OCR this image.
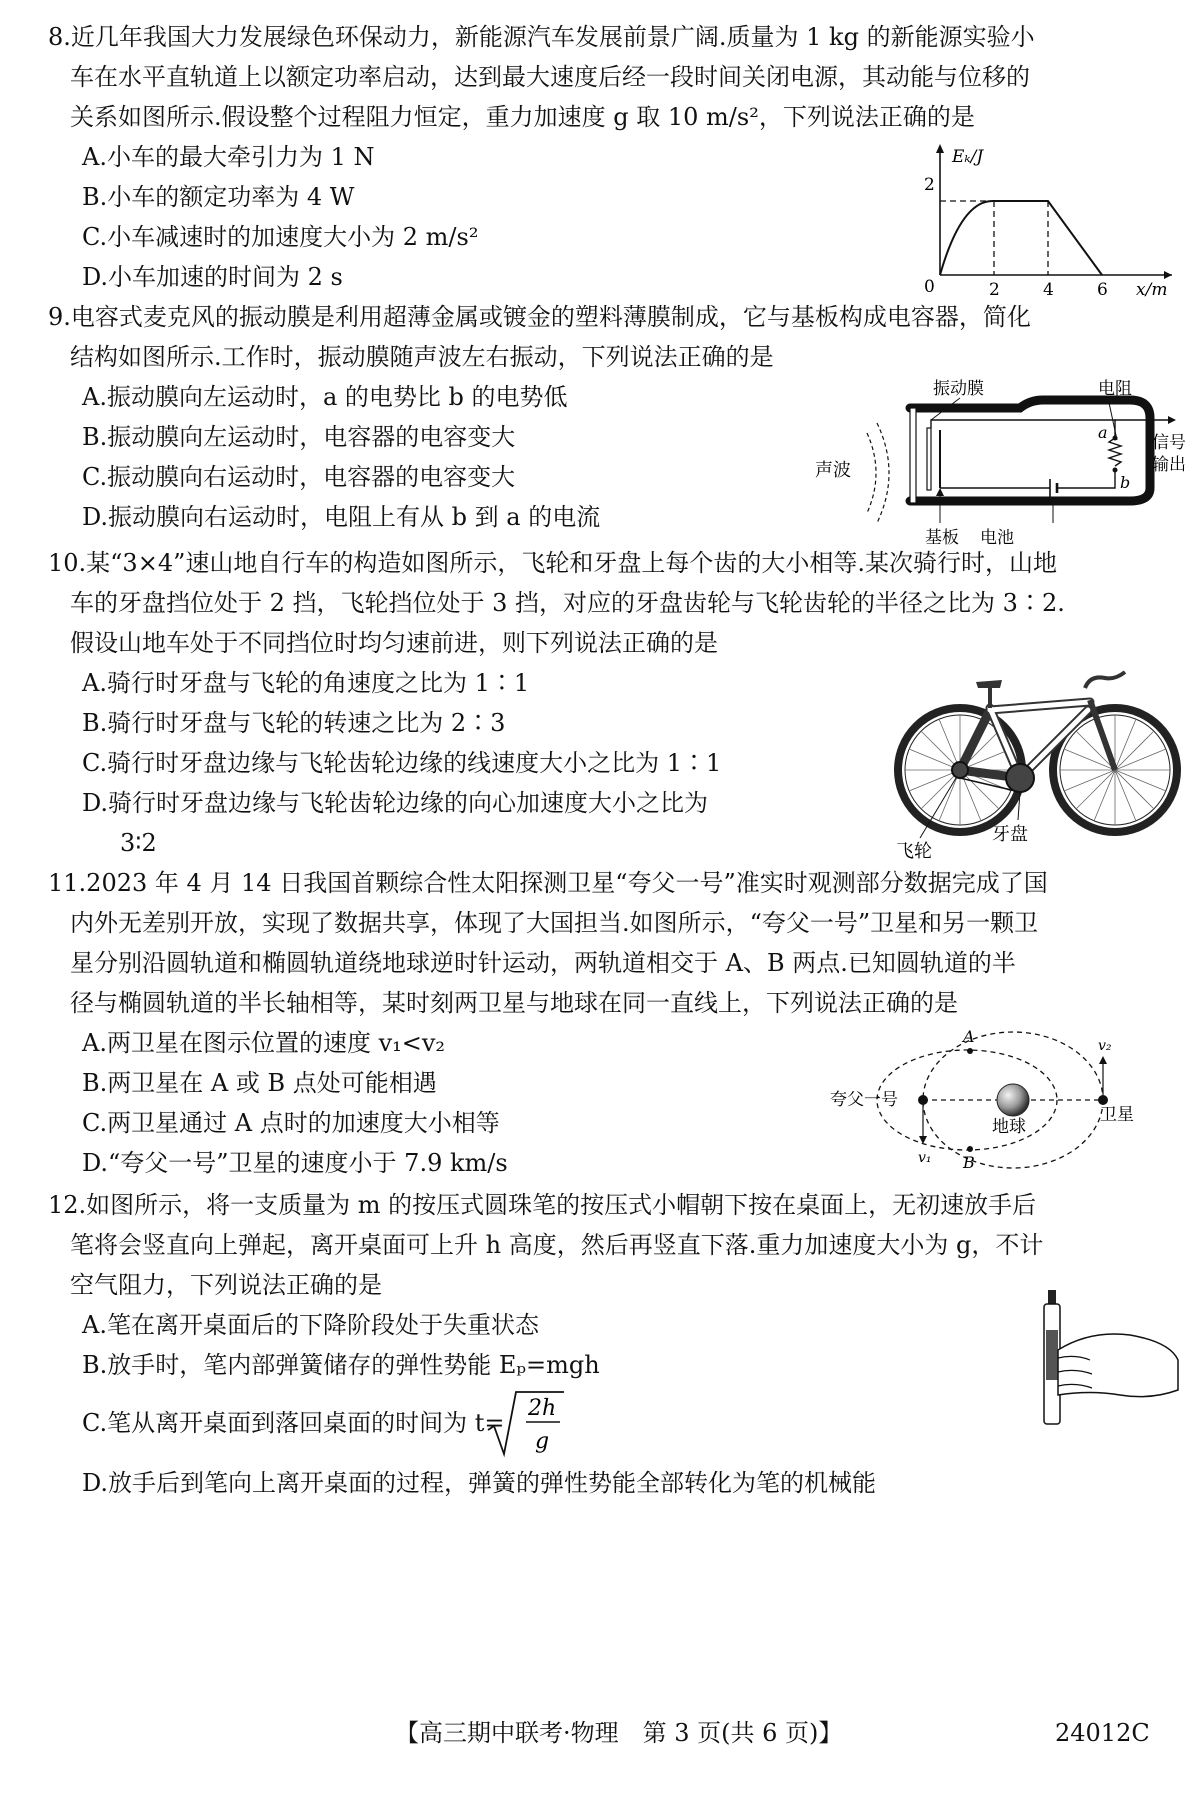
8.近几年我国大力发展绿色环保动力，新能源汽车发展前景广阔.质量为 1 kg 的新能源实验小
车在水平直轨道上以额定功率启动，达到最大速度后经一段时间关闭电源，其动能与位移的
关系如图所示.假设整个过程阻力恒定，重力加速度 g 取 10 m/s²，下列说法正确的是
A.小车的最大牵引力为 1 N
B.小车的额定功率为 4 W
C.小车减速时的加速度大小为 2 m/s²
D.小车加速的时间为 2 s
Eₖ/J
x/m
0
2
2	4	6
9.电容式麦克风的振动膜是利用超薄金属或镀金的塑料薄膜制成，它与基板构成电容器，简化
结构如图所示.工作时，振动膜随声波左右振动，下列说法正确的是
A.振动膜向左运动时，a 的电势比 b 的电势低
B.振动膜向左运动时，电容器的电容变大
C.振动膜向右运动时，电容器的电容变大
D.振动膜向右运动时，电阻上有从 b 到 a 的电流
声波
a
b
信号
输出
振动膜	电阻
基板 电池
10.某“3×4”速山地自行车的构造如图所示，飞轮和牙盘上每个齿的大小相等.某次骑行时，山地
车的牙盘挡位处于 2 挡，飞轮挡位处于 3 挡，对应的牙盘齿轮与飞轮齿轮的半径之比为 3∶2.
假设山地车处于不同挡位时均匀速前进，则下列说法正确的是
A.骑行时牙盘与飞轮的角速度之比为 1∶1
B.骑行时牙盘与飞轮的转速之比为 2∶3
C.骑行时牙盘边缘与飞轮齿轮边缘的线速度大小之比为 1∶1
D.骑行时牙盘边缘与飞轮齿轮边缘的向心加速度大小之比为
3∶2	飞轮
牙盘
11.2023 年 4 月 14 日我国首颗综合性太阳探测卫星“夸父一号”准实时观测部分数据完成了国
内外无差别开放，实现了数据共享，体现了大国担当.如图所示，“夸父一号”卫星和另一颗卫
星分别沿圆轨道和椭圆轨道绕地球逆时针运动，两轨道相交于 A、B 两点.已知圆轨道的半
径与椭圆轨道的半长轴相等，某时刻两卫星与地球在同一直线上，下列说法正确的是
A.两卫星在图示位置的速度 v₁<v₂
B.两卫星在 A 或 B 点处可能相遇
C.两卫星通过 A 点时的加速度大小相等
D.“夸父一号”卫星的速度小于 7.9 km/s
地球
A
B
夸父一号
卫星
v₁
v₂
12.如图所示，将一支质量为 m 的按压式圆珠笔的按压式小帽朝下按在桌面上，无初速放手后
笔将会竖直向上弹起，离开桌面可上升 h 高度，然后再竖直下落.重力加速度大小为 g，不计
空气阻力，下列说法正确的是
A.笔在离开桌面后的下降阶段处于失重状态
B.放手时，笔内部弹簧储存的弹性势能 Eₚ=mgh
C.笔从离开桌面到落回桌面的时间为 t=
2h
g
D.放手后到笔向上离开桌面的过程，弹簧的弹性势能全部转化为笔的机械能
【高三期中联考·物理　第 3 页(共 6 页)】	24012C
